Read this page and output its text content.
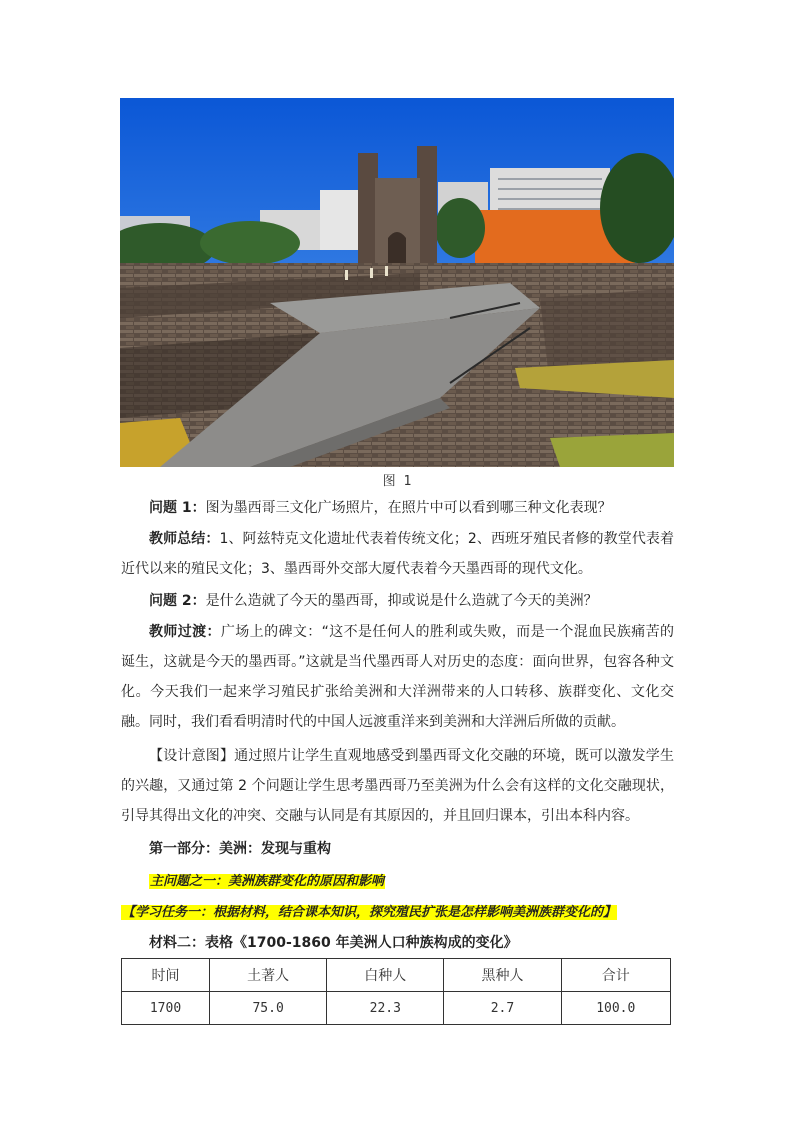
图 1

问题 1：图为墨西哥三文化广场照片，在照片中可以看到哪三种文化表现？

教师总结：1、阿兹特克文化遗址代表着传统文化；2、西班牙殖民者修的教堂代表着近代以来的殖民文化；3、墨西哥外交部大厦代表着今天墨西哥的现代文化。

问题 2：是什么造就了今天的墨西哥，抑或说是什么造就了今天的美洲？

教师过渡：广场上的碑文：“这不是任何人的胜利或失败，而是一个混血民族痛苦的诞生，这就是今天的墨西哥。”这就是当代墨西哥人对历史的态度：面向世界，包容各种文化。今天我们一起来学习殖民扩张给美洲和大洋洲带来的人口转移、族群变化、文化交融。同时，我们看看明清时代的中国人远渡重洋来到美洲和大洋洲后所做的贡献。

【设计意图】通过照片让学生直观地感受到墨西哥文化交融的环境，既可以激发学生的兴趣，又通过第 2 个问题让学生思考墨西哥乃至美洲为什么会有这样的文化交融现状，引导其得出文化的冲突、交融与认同是有其原因的，并且回归课本，引出本科内容。

第一部分：美洲：发现与重构

主问题之一：美洲族群变化的原因和影响

【学习任务一：根据材料，结合课本知识，探究殖民扩张是怎样影响美洲族群变化的】

材料二：表格《1700-1860 年美洲人口种族构成的变化》

时间	土著人	白种人	黑种人	合计
1700	75.0	22.3	2.7	100.0
